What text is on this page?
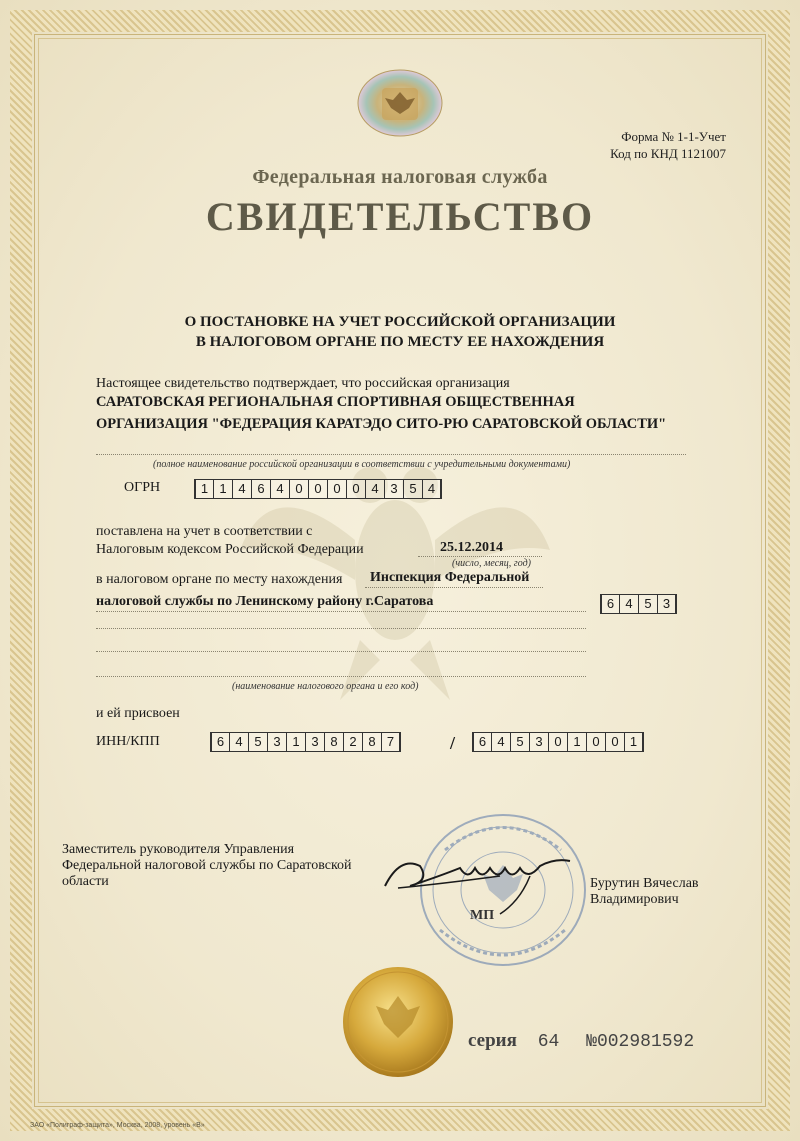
Форма № 1-1-Учет
Код по КНД 1121007
Федеральная налоговая служба
СВИДЕТЕЛЬСТВО
О ПОСТАНОВКЕ НА УЧЕТ РОССИЙСКОЙ ОРГАНИЗАЦИИ
В НАЛОГОВОМ ОРГАНЕ ПО МЕСТУ ЕЕ НАХОЖДЕНИЯ
Настоящее свидетельство подтверждает, что российская организация
САРАТОВСКАЯ РЕГИОНАЛЬНАЯ СПОРТИВНАЯ ОБЩЕСТВЕННАЯ
ОРГАНИЗАЦИЯ "ФЕДЕРАЦИЯ КАРАТЭДО СИТО-РЮ САРАТОВСКОЙ ОБЛАСТИ"
(полное наименование российской организации в соответствии с учредительными документами)
ОГРН	1 1 4 6 4 0 0 0 0 4 3 5 4
поставлена на учет в соответствии с
Налоговым кодексом Российской Федерации	25.12.2014
(число, месяц, год)
в налоговом органе по месту нахождения Инспекция Федеральной
налоговой службы по Ленинскому району г.Саратова	6 4 5 3
(наименование налогового органа и его код)
и ей присвоен
ИНН/КПП	6 4 5 3 1 3 8 2 8 7	/	6 4 5 3 0 1 0 0 1
Заместитель руководителя Управления
Федеральной налоговой службы по Саратовской
области
МП
Бурутин Вячеслав
Владимирович
серия 64 №002981592
ЗАО «Полиграф-защита», Москва, 2008, уровень «В»
